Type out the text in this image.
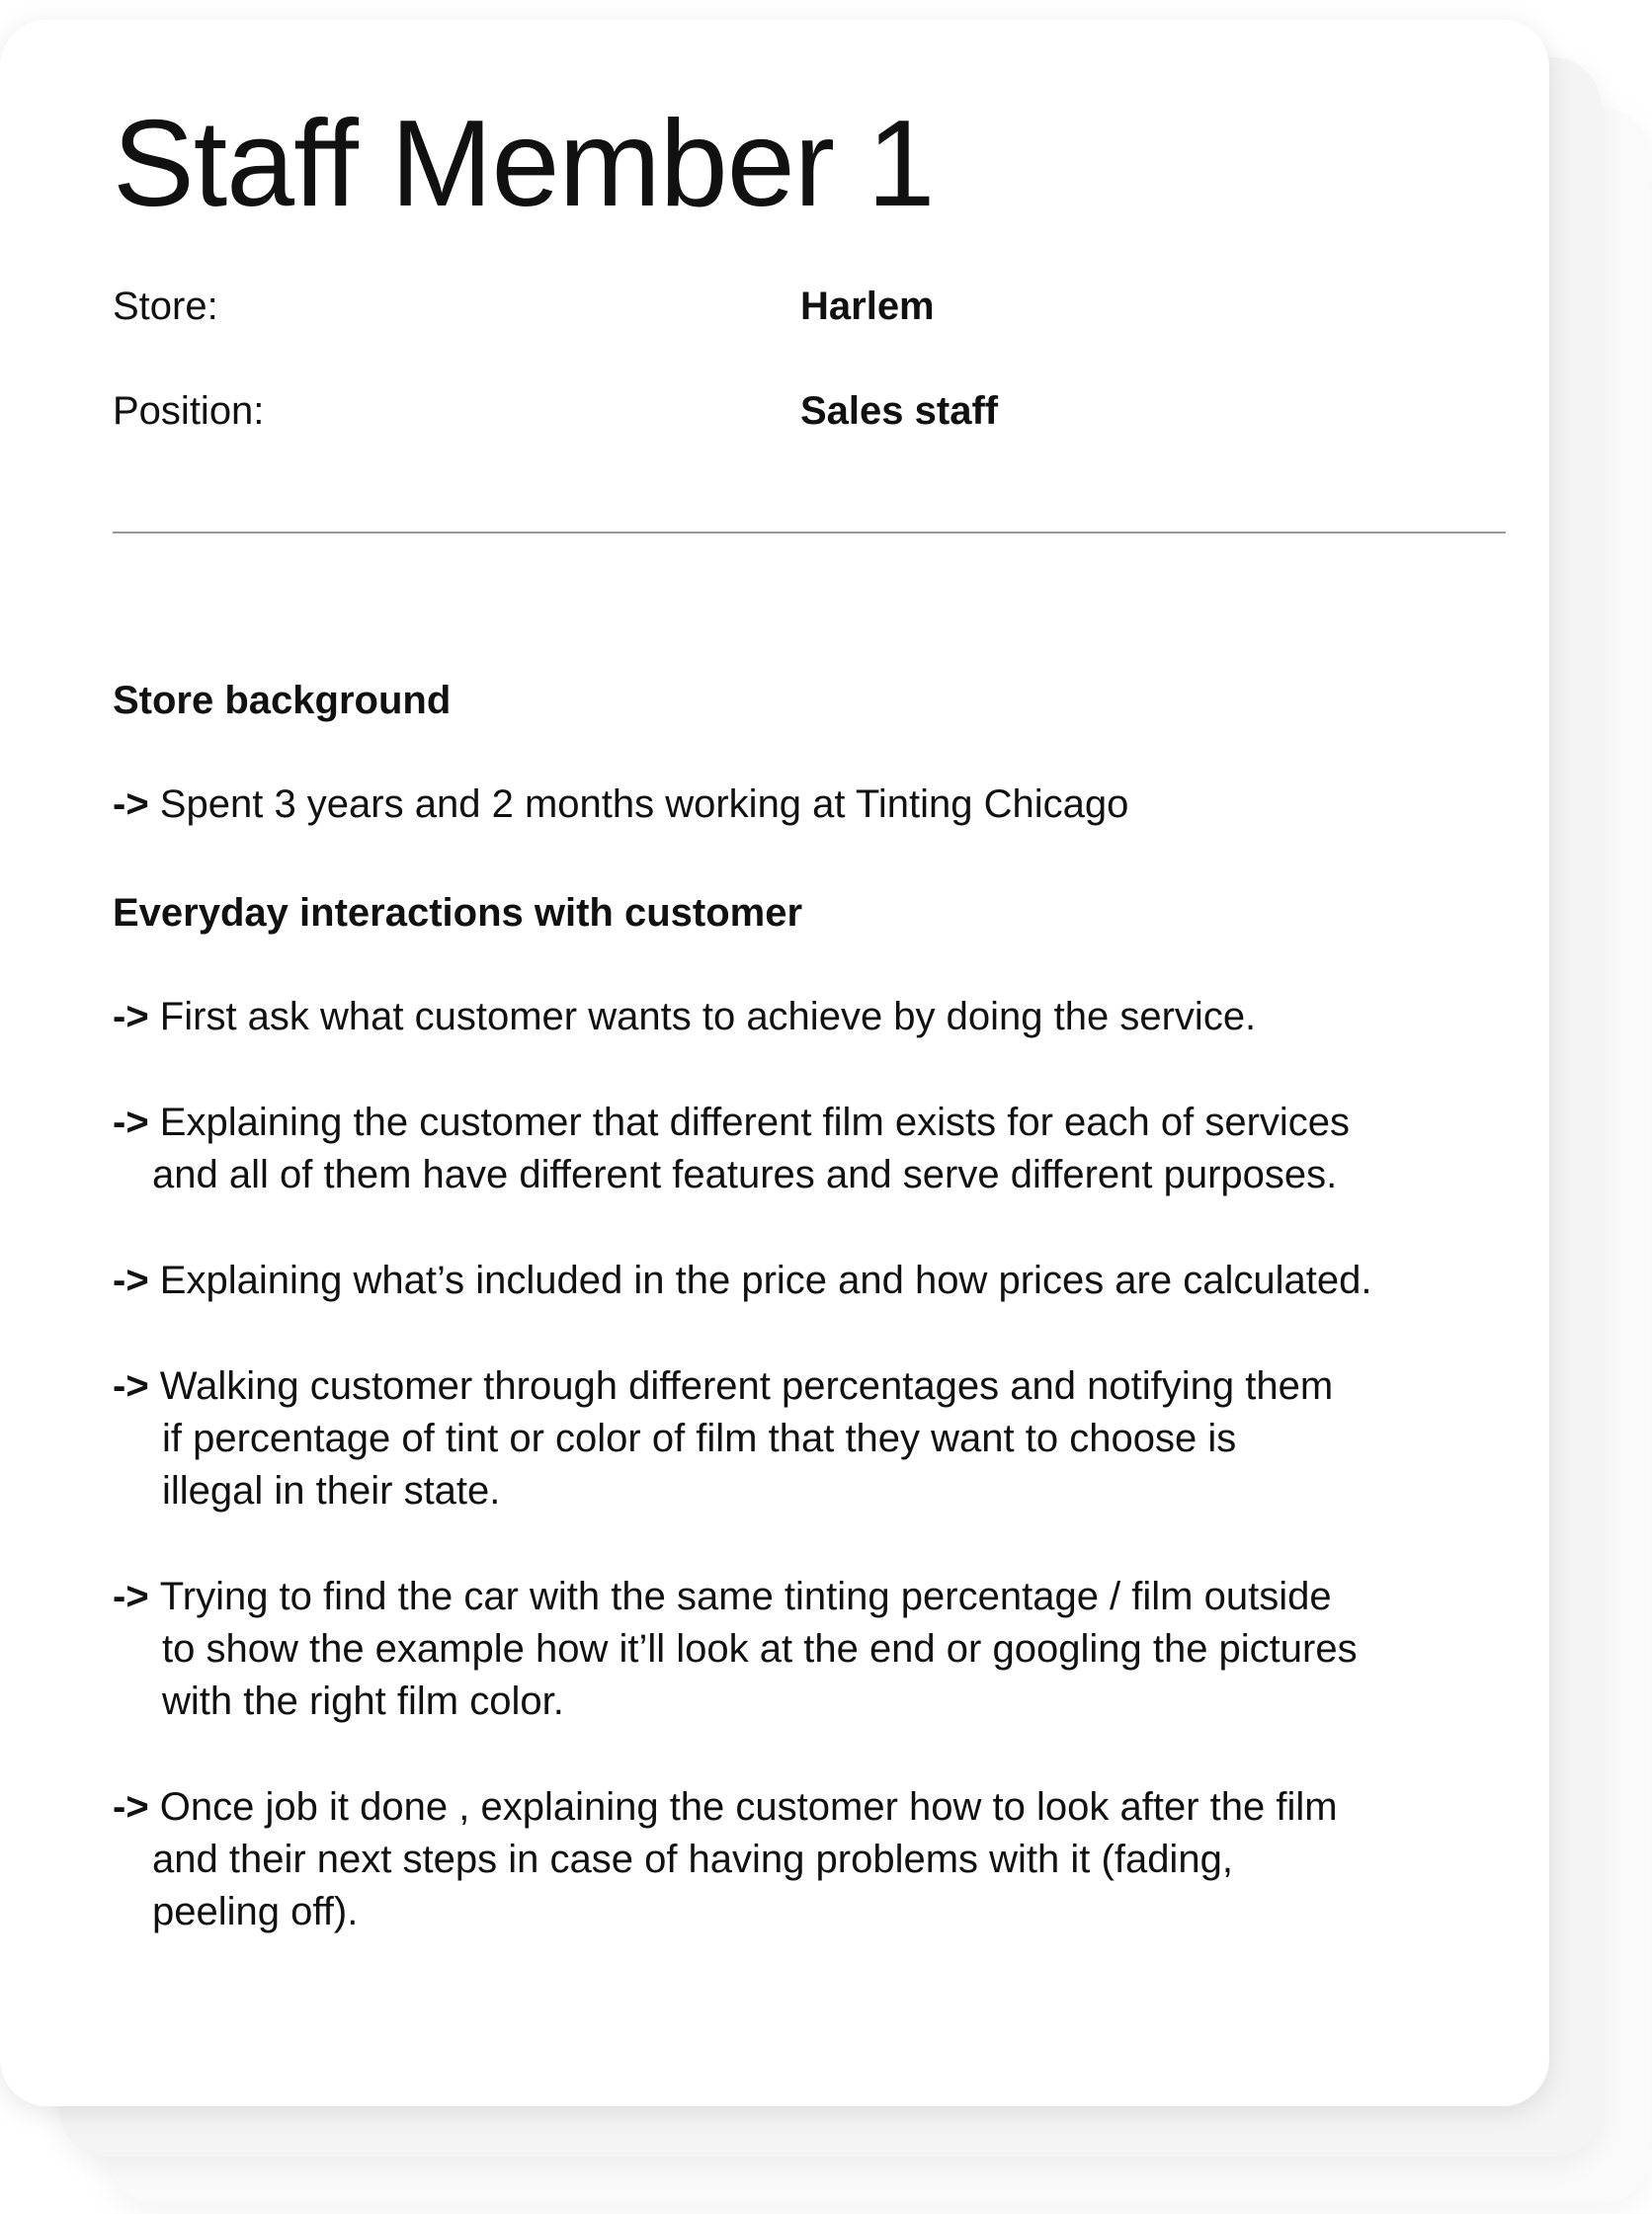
Staff Member 1
Store:	Harlem
Position:	Sales staff
Store background
-> Spent 3 years and 2 months working at Tinting Chicago
Everyday interactions with customer
-> First ask what customer wants to achieve by doing the service.
-> Explaining the customer that different film exists for each of services
and all of them have different features and serve different purposes.
-> Explaining what’s included in the price and how prices are calculated.
-> Walking customer through different percentages and notifying them
if percentage of tint or color of film that they want to choose is
illegal in their state.
-> Trying to find the car with the same tinting percentage / film outside
to show the example how it’ll look at the end or googling the pictures
with the right film color.
-> Once job it done , explaining the customer how to look after the film
and their next steps in case of having problems with it (fading,
peeling off).
